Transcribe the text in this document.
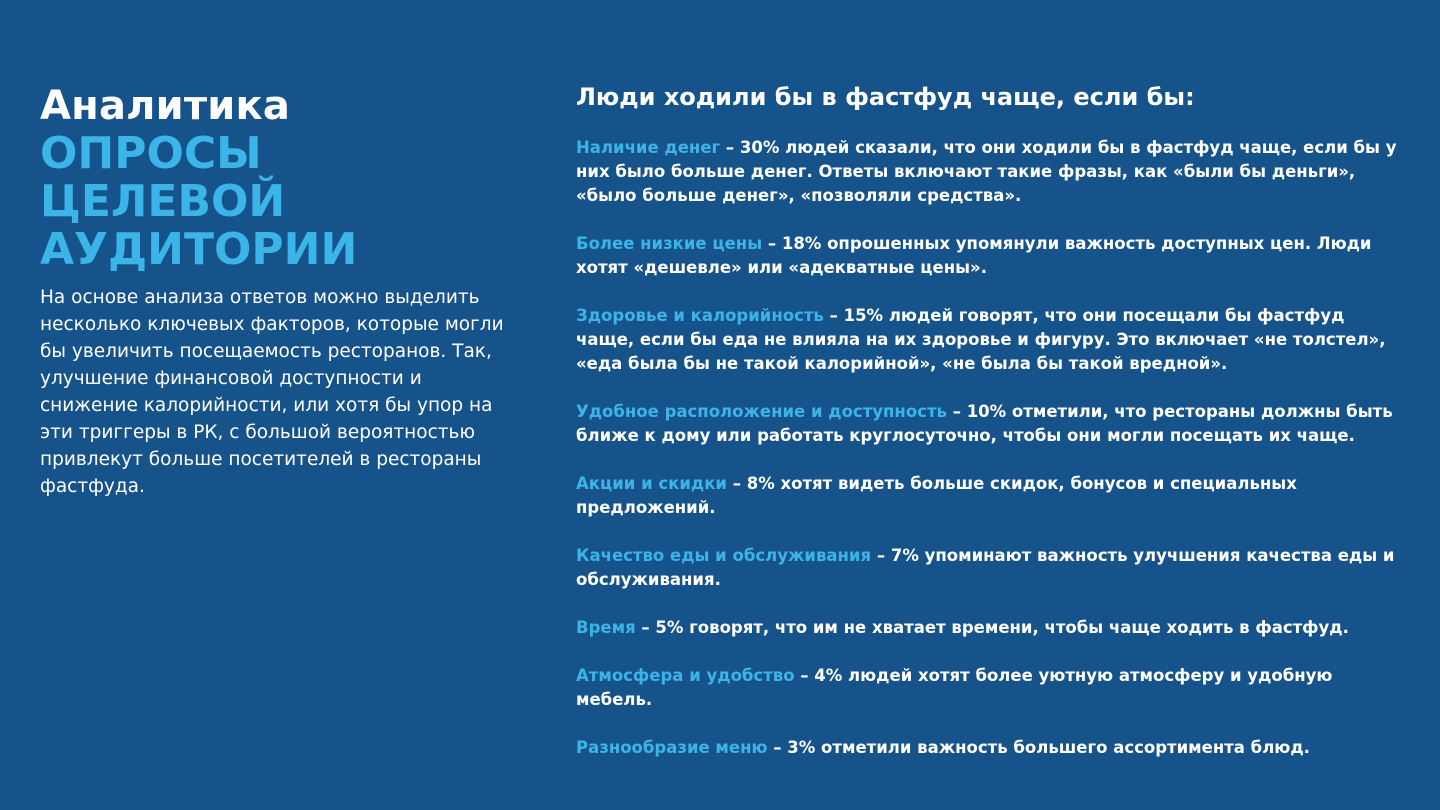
Аналитика
ОПРОСЫ ЦЕЛЕВОЙ АУДИТОРИИ
На основе анализа ответов можно выделить несколько ключевых факторов, которые могли бы увеличить посещаемость ресторанов. Так, улучшение финансовой доступности и снижение калорийности, или хотя бы упор на эти триггеры в РК, с большой вероятностью привлекут больше посетителей в рестораны фастфуда.
Люди ходили бы в фастфуд чаще, если бы:

Наличие денег – 30% людей сказали, что они ходили бы в фастфуд чаще, если бы у них было больше денег. Ответы включают такие фразы, как «были бы деньги», «было больше денег», «позволяли средства».

Более низкие цены – 18% опрошенных упомянули важность доступных цен. Люди хотят «дешевле» или «адекватные цены».

Здоровье и калорийность – 15% людей говорят, что они посещали бы фастфуд чаще, если бы еда не влияла на их здоровье и фигуру. Это включает «не толстел», «еда была бы не такой калорийной», «не была бы такой вредной».

Удобное расположение и доступность – 10% отметили, что рестораны должны быть ближе к дому или работать круглосуточно, чтобы они могли посещать их чаще.

Акции и скидки – 8% хотят видеть больше скидок, бонусов и специальных предложений.

Качество еды и обслуживания – 7% упоминают важность улучшения качества еды и обслуживания.

Время – 5% говорят, что им не хватает времени, чтобы чаще ходить в фастфуд.

Атмосфера и удобство – 4% людей хотят более уютную атмосферу и удобную мебель.

Разнообразие меню – 3% отметили важность большего ассортимента блюд.
